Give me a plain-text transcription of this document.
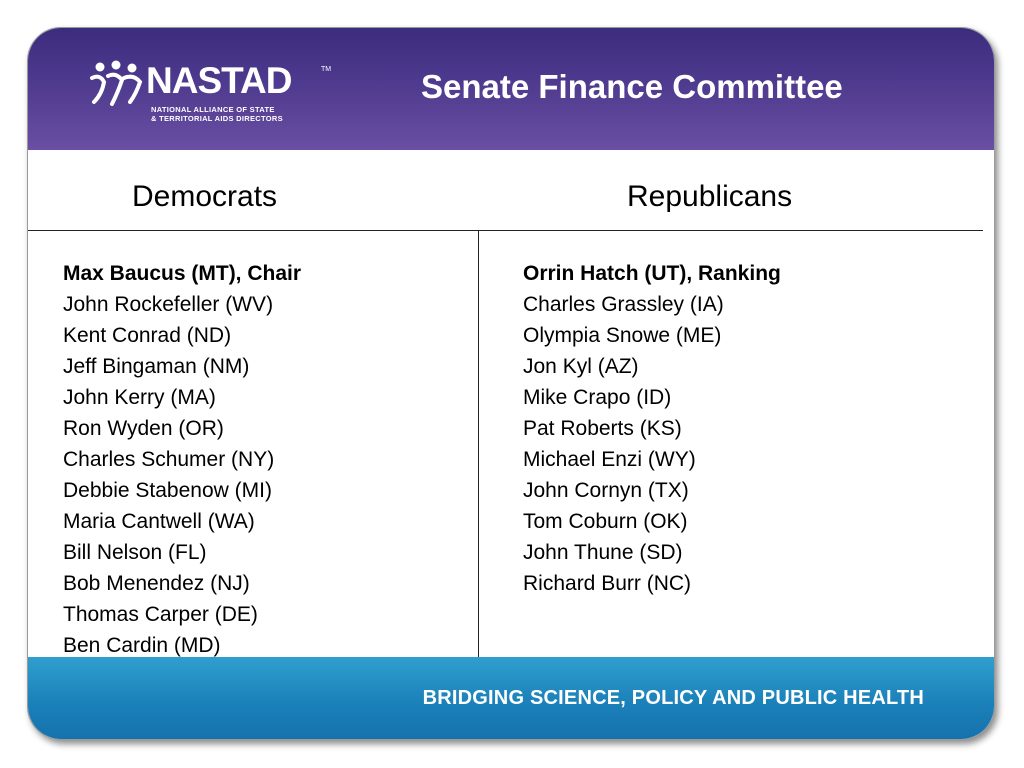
NASTAD	TM
NATIONAL ALLIANCE OF STATE
& TERRITORIAL AIDS DIRECTORS
Senate Finance Committee
Democrats	Republicans
Max Baucus (MT), Chair
John Rockefeller (WV)
Kent Conrad (ND)
Jeff Bingaman (NM)
John Kerry (MA)
Ron Wyden (OR)
Charles Schumer (NY)
Debbie Stabenow (MI)
Maria Cantwell (WA)
Bill Nelson (FL)
Bob Menendez (NJ)
Thomas Carper (DE)
Ben Cardin (MD)
Orrin Hatch (UT), Ranking
Charles Grassley (IA)
Olympia Snowe (ME)
Jon Kyl (AZ)
Mike Crapo (ID)
Pat Roberts (KS)
Michael Enzi (WY)
John Cornyn (TX)
Tom Coburn (OK)
John Thune (SD)
Richard Burr (NC)
BRIDGING SCIENCE, POLICY AND PUBLIC HEALTH
